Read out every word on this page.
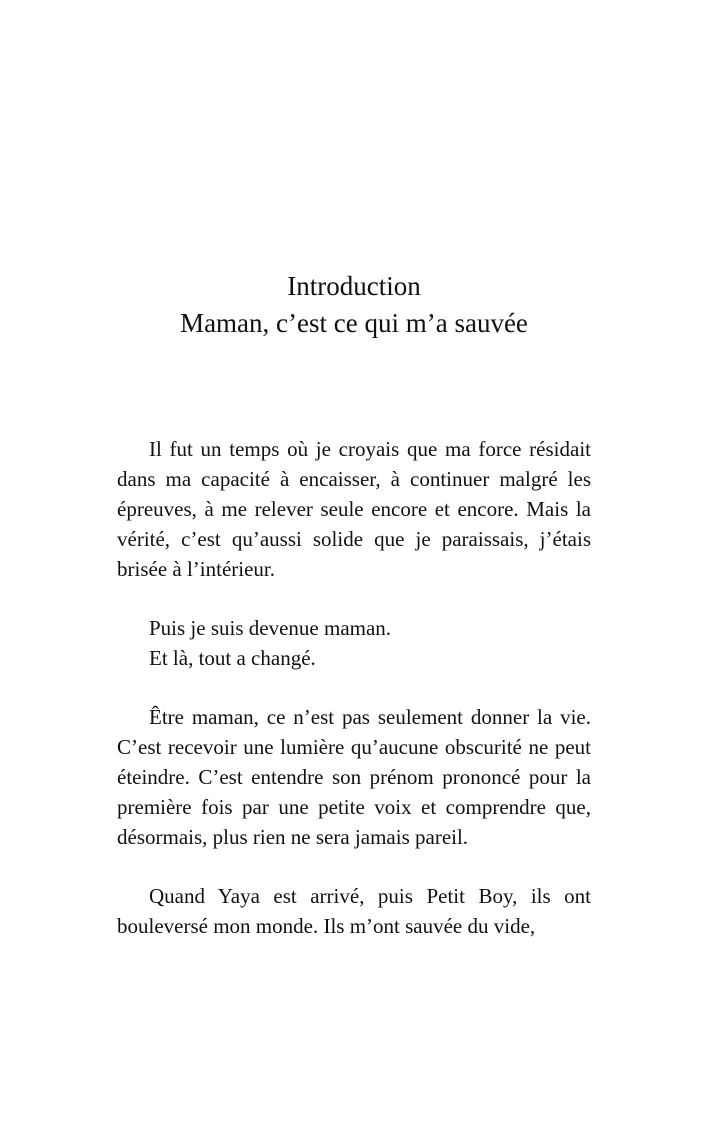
Introduction
Maman, c’est ce qui m’a sauvée

Il fut un temps où je croyais que ma force résidait dans ma capacité à encaisser, à continuer malgré les épreuves, à me relever seule encore et encore. Mais la vérité, c’est qu’aussi solide que je paraissais, j’étais brisée à l’intérieur.

Puis je suis devenue maman.

Et là, tout a changé.

Être maman, ce n’est pas seulement donner la vie. C’est recevoir une lumière qu’aucune obscurité ne peut éteindre. C’est entendre son prénom prononcé pour la première fois par une petite voix et comprendre que, désormais, plus rien ne sera jamais pareil.

Quand Yaya est arrivé, puis Petit Boy, ils ont bouleversé mon monde. Ils m’ont sauvée du vide,
